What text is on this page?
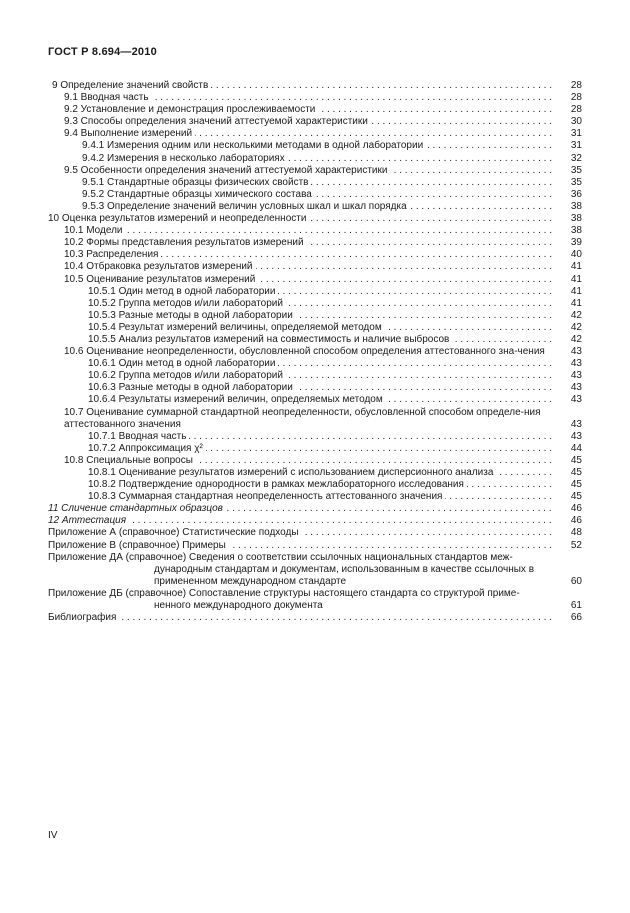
ГОСТ Р 8.694—2010
9 Определение значений свойств . . .	28
9.1 Вводная часть . . .	28
9.2 Установление и демонстрация прослеживаемости . . .	28
9.3 Способы определения значений аттестуемой характеристики . . .	30
9.4 Выполнение измерений . . .	31
9.4.1 Измерения одним или несколькими методами в одной лаборатории . . .	31
9.4.2 Измерения в несколько лабораториях . . .	32
9.5 Особенности определения значений аттестуемой характеристики . . .	35
9.5.1 Стандартные образцы физических свойств . . .	35
9.5.2 Стандартные образцы химического состава . . .	36
9.5.3 Определение значений величин условных шкал и шкал порядка . . .	38
10 Оценка результатов измерений и неопределенности . . .	38
10.1 Модели . . .	38
10.2 Формы представления результатов измерений . . .	39
10.3 Распределения . . .	40
10.4 Отбраковка результатов измерений . . .	41
10.5 Оценивание результатов измерений . . .	41
10.5.1 Один метод в одной лаборатории . . .	41
10.5.2 Группа методов и/или лабораторий . . .	41
10.5.3 Разные методы в одной лаборатории . . .	42
10.5.4 Результат измерений величины, определяемой методом . . .	42
10.5.5 Анализ результатов измерений на совместимость и наличие выбросов . . .	42
10.6 Оценивание неопределенности, обусловленной способом определения аттестованного зна-чения	43
10.6.1 Один метод в одной лаборатории . . .	43
10.6.2 Группа методов и/или лабораторий . . .	43
10.6.3 Разные методы в одной лаборатории . . .	43
10.6.4 Результаты измерений величин, определяемых методом . . .	43
10.7 Оценивание суммарной стандартной неопределенности, обусловленной способом определе-ния аттестованного значения	43
10.7.1 Вводная часть . . .	43
10.7.2 Аппроксимация χ² . . .	44
10.8 Специальные вопросы . . .	45
10.8.1 Оценивание результатов измерений с использованием дисперсионного анализа . . .	45
10.8.2 Подтверждение однородности в рамках межлабораторного исследования . . .	45
10.8.3 Суммарная стандартная неопределенность аттестованного значения . . .	45
11 Сличение стандартных образцов . . .	46
12 Аттестация . . .	46
Приложение А (справочное) Статистические подходы . . .	48
Приложение В (справочное) Примеры . . .	52
Приложение ДА (справочное) Сведения о соответствии ссылочных национальных стандартов меж-дународным стандартам и документам, использованным в качестве ссылочных в примененном международном стандарте	60
Приложение ДБ (справочное) Сопоставление структуры настоящего стандарта со структурой приме-ненного международного документа	61
Библиография . . .	66
IV
